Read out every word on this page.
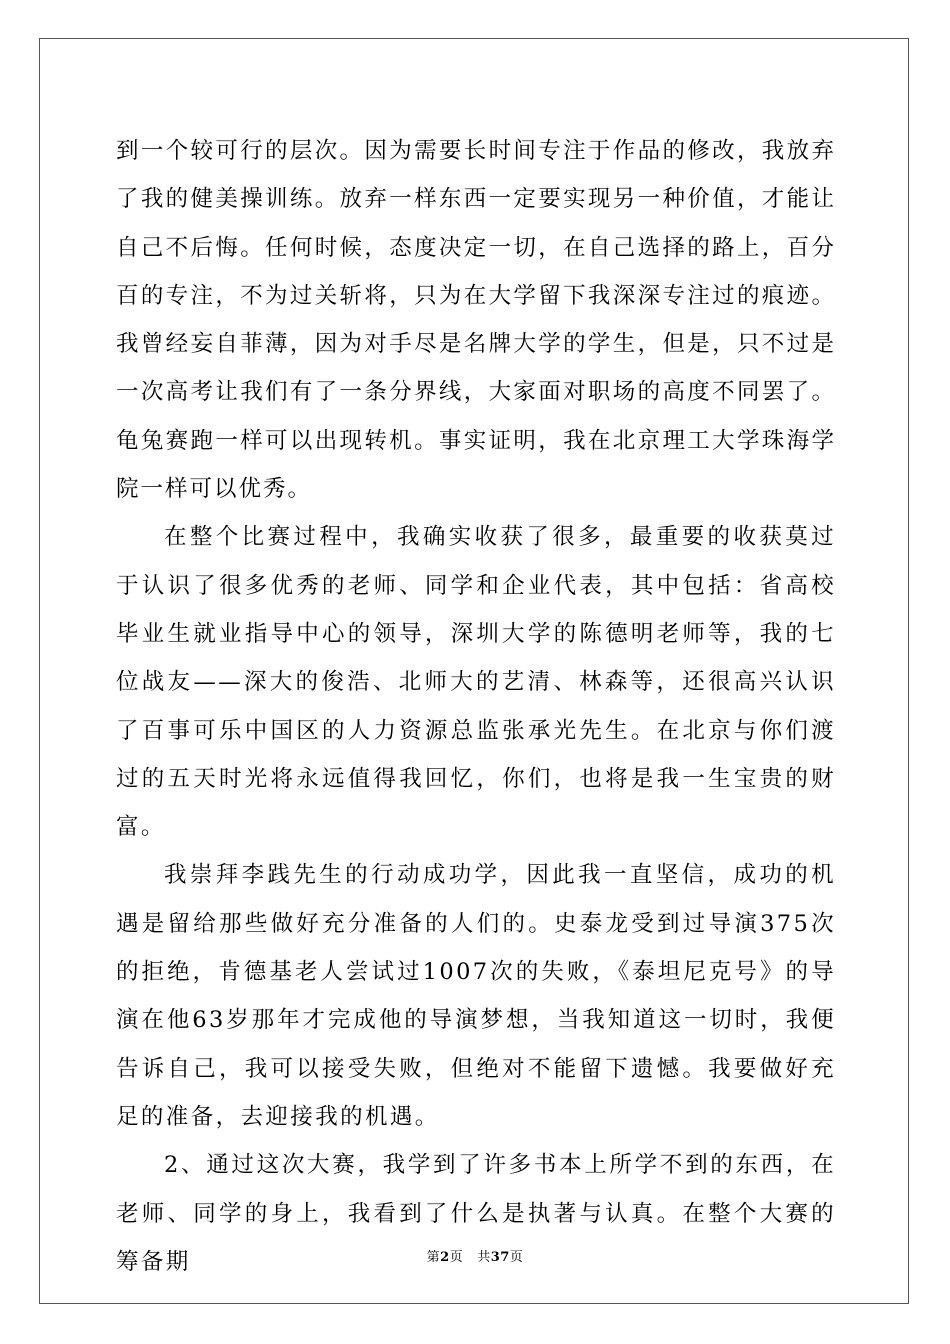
到一个较可行的层次。因为需要长时间专注于作品的修改，我放弃了我的健美操训练。放弃一样东西一定要实现另一种价值，才能让自己不后悔。任何时候，态度决定一切，在自己选择的路上，百分百的专注，不为过关斩将，只为在大学留下我深深专注过的痕迹。我曾经妄自菲薄，因为对手尽是名牌大学的学生，但是，只不过是一次高考让我们有了一条分界线，大家面对职场的高度不同罢了。龟兔赛跑一样可以出现转机。事实证明，我在北京理工大学珠海学院一样可以优秀。

在整个比赛过程中，我确实收获了很多，最重要的收获莫过于认识了很多优秀的老师、同学和企业代表，其中包括：省高校毕业生就业指导中心的领导，深圳大学的陈德明老师等，我的七位战友——深大的俊浩、北师大的艺清、林森等，还很高兴认识了百事可乐中国区的人力资源总监张承光先生。在北京与你们渡过的五天时光将永远值得我回忆，你们，也将是我一生宝贵的财富。

我崇拜李践先生的行动成功学，因此我一直坚信，成功的机遇是留给那些做好充分准备的人们的。史泰龙受到过导演375次的拒绝，肯德基老人尝试过1007次的失败，《泰坦尼克号》的导演在他63岁那年才完成他的导演梦想，当我知道这一切时，我便告诉自己，我可以接受失败，但绝对不能留下遗憾。我要做好充足的准备，去迎接我的机遇。

2、通过这次大赛，我学到了许多书本上所学不到的东西，在老师、同学的身上，我看到了什么是执著与认真。在整个大赛的筹备期	第2页 共37页
